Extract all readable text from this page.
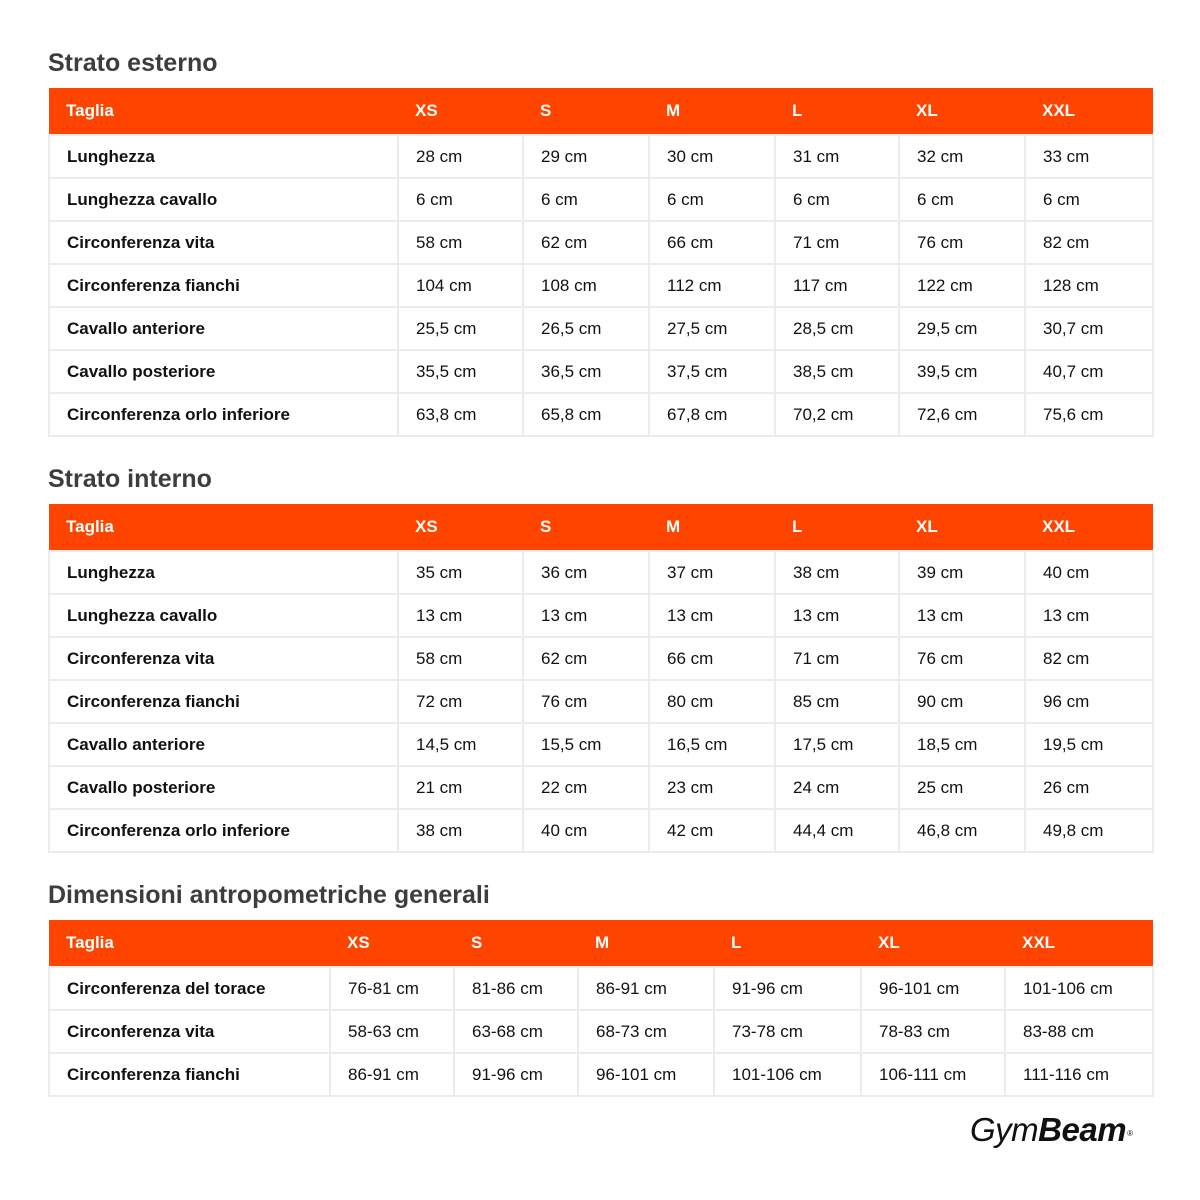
Strato esterno
Taglia	XS	S	M	L	XL	XXL
Lunghezza	28 cm	29 cm	30 cm	31 cm	32 cm	33 cm
Lunghezza cavallo	6 cm	6 cm	6 cm	6 cm	6 cm	6 cm
Circonferenza vita	58 cm	62 cm	66 cm	71 cm	76 cm	82 cm
Circonferenza fianchi	104 cm	108 cm	112 cm	117 cm	122 cm	128 cm
Cavallo anteriore	25,5 cm	26,5 cm	27,5 cm	28,5 cm	29,5 cm	30,7 cm
Cavallo posteriore	35,5 cm	36,5 cm	37,5 cm	38,5 cm	39,5 cm	40,7 cm
Circonferenza orlo inferiore	63,8 cm	65,8 cm	67,8 cm	70,2 cm	72,6 cm	75,6 cm
Strato interno
Taglia	XS	S	M	L	XL	XXL
Lunghezza	35 cm	36 cm	37 cm	38 cm	39 cm	40 cm
Lunghezza cavallo	13 cm	13 cm	13 cm	13 cm	13 cm	13 cm
Circonferenza vita	58 cm	62 cm	66 cm	71 cm	76 cm	82 cm
Circonferenza fianchi	72 cm	76 cm	80 cm	85 cm	90 cm	96 cm
Cavallo anteriore	14,5 cm	15,5 cm	16,5 cm	17,5 cm	18,5 cm	19,5 cm
Cavallo posteriore	21 cm	22 cm	23 cm	24 cm	25 cm	26 cm
Circonferenza orlo inferiore	38 cm	40 cm	42 cm	44,4 cm	46,8 cm	49,8 cm
Dimensioni antropometriche generali
Taglia	XS	S	M	L	XL	XXL
Circonferenza del torace	76-81 cm	81-86 cm	86-91 cm	91-96 cm	96-101 cm	101-106 cm
Circonferenza vita	58-63 cm	63-68 cm	68-73 cm	73-78 cm	78-83 cm	83-88 cm
Circonferenza fianchi	86-91 cm	91-96 cm	96-101 cm	101-106 cm	106-111 cm	111-116 cm
GymBeam®
